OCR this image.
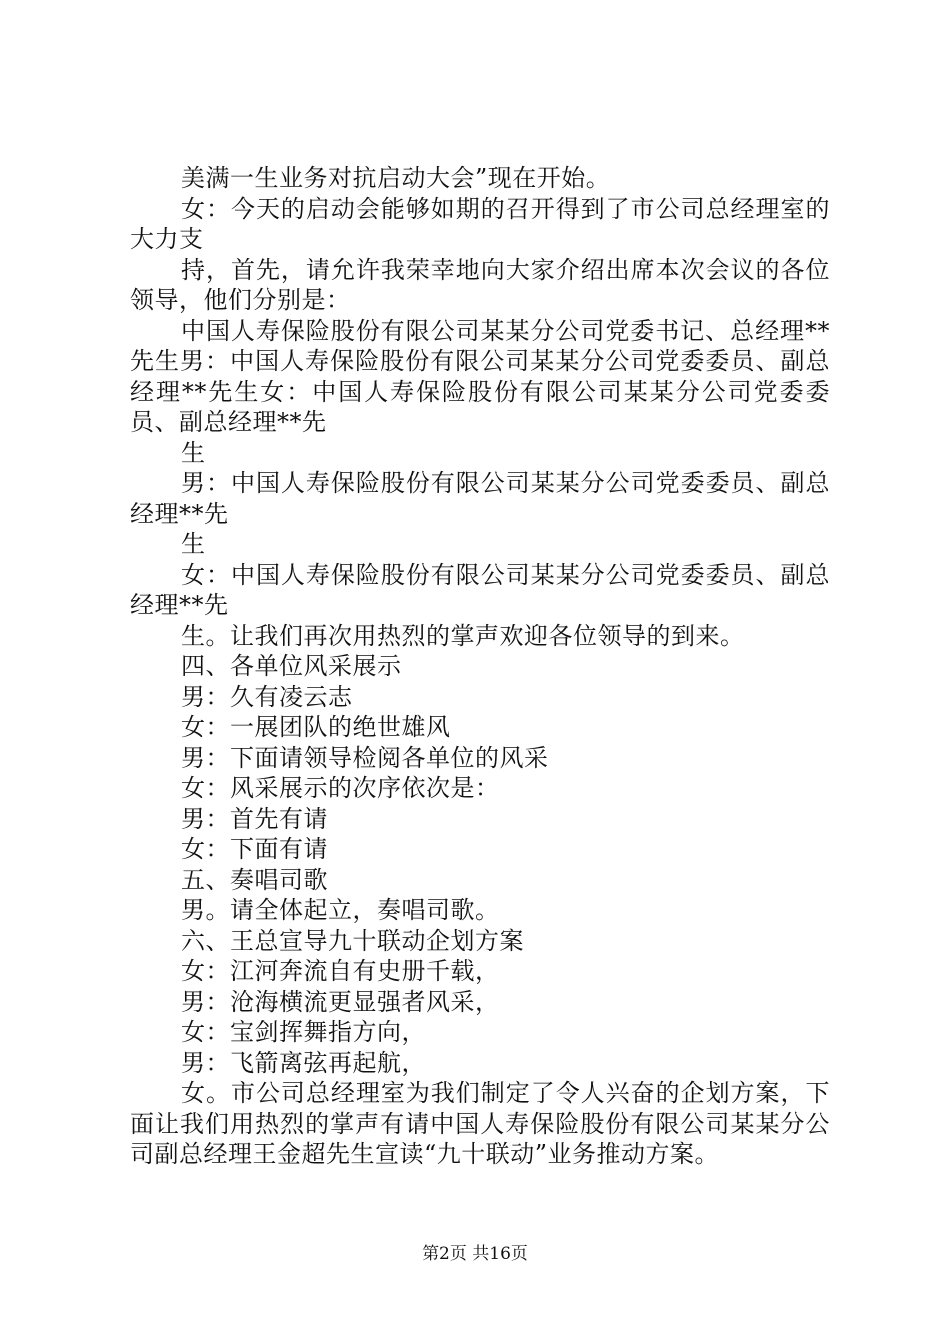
美满一生业务对抗启动大会”现在开始。

女：今天的启动会能够如期的召开得到了市公司总经理室的大力支

持，首先，请允许我荣幸地向大家介绍出席本次会议的各位领导，他们分别是：

中国人寿保险股份有限公司某某分公司党委书记、总经理**先生男：中国人寿保险股份有限公司某某分公司党委委员、副总经理**先生女：中国人寿保险股份有限公司某某分公司党委委员、副总经理**先

生

男：中国人寿保险股份有限公司某某分公司党委委员、副总经理**先

生

女：中国人寿保险股份有限公司某某分公司党委委员、副总经理**先

生。让我们再次用热烈的掌声欢迎各位领导的到来。

四、各单位风采展示

男：久有凌云志

女：一展团队的绝世雄风

男：下面请领导检阅各单位的风采

女：风采展示的次序依次是：

男：首先有请

女：下面有请

五、奏唱司歌

男。请全体起立，奏唱司歌。

六、王总宣导九十联动企划方案

女：江河奔流自有史册千载，

男：沧海横流更显强者风采，

女：宝剑挥舞指方向，

男：飞箭离弦再起航，

女。市公司总经理室为我们制定了令人兴奋的企划方案，下面让我们用热烈的掌声有请中国人寿保险股份有限公司某某分公司副总经理王金超先生宣读“九十联动”业务推动方案。

第2页 共16页
